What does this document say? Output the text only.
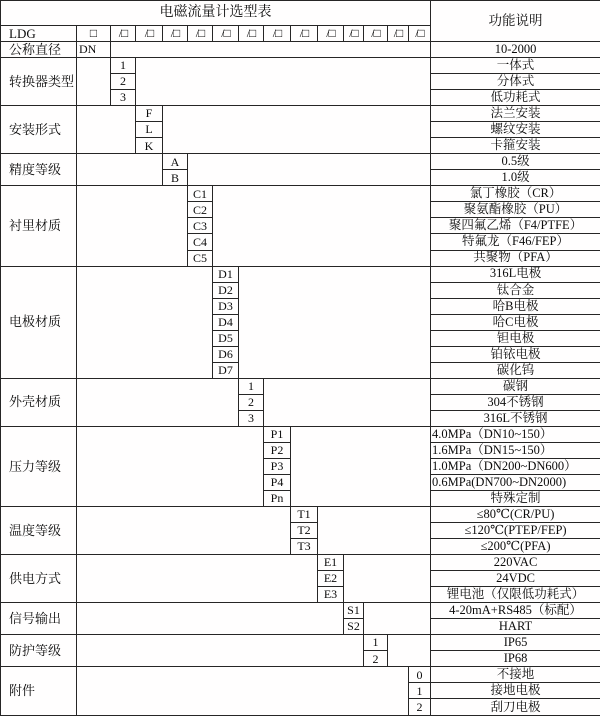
电磁流量计选型表															功能说明
LDG	□	/□	/□	/□	/□	/□	/□	/□	/□	/□	/□	/□	/□	/□	
公称直径	DN														10-2000
转换器类型		1													一体式
		2													分体式
		3													低功耗式
安装形式			F												法兰安装
			L												螺纹安装
			K												卡箍安装
精度等级				A											0.5级
				B											1.0级
衬里材质					C1										氯丁橡胶（CR）
					C2										聚氨酯橡胶（PU）
					C3										聚四氟乙烯（F4/PTFE）
					C4										特氟龙（F46/FEP）
					C5										共聚物（PFA）
电极材质						D1									316L电极
						D2									钛合金
						D3									哈B电极
						D4									哈C电极
						D5									钽电极
						D6									铂铱电极
						D7									碳化钨
外壳材质							1								碳钢
							2								304不锈钢
							3								316L不锈钢
压力等级								P1							4.0MPa（DN10~150）
								P2							1.6MPa（DN15~150）
								P3							1.0MPa（DN200~DN600）
								P4							0.6MPa(DN700~DN2000)
								Pn							特殊定制
温度等级									T1						≤80℃(CR/PU)
									T2						≤120℃(PTEP/FEP)
									T3						≤200℃(PFA)
供电方式										E1					220VAC
										E2					24VDC
										E3					锂电池（仅限低功耗式）
信号输出											S1				4-20mA+RS485（标配）
											S2				HART
防护等级												1			IP65
												2			IP68
附件														0	不接地
														1	接地电极
														2	刮刀电极
